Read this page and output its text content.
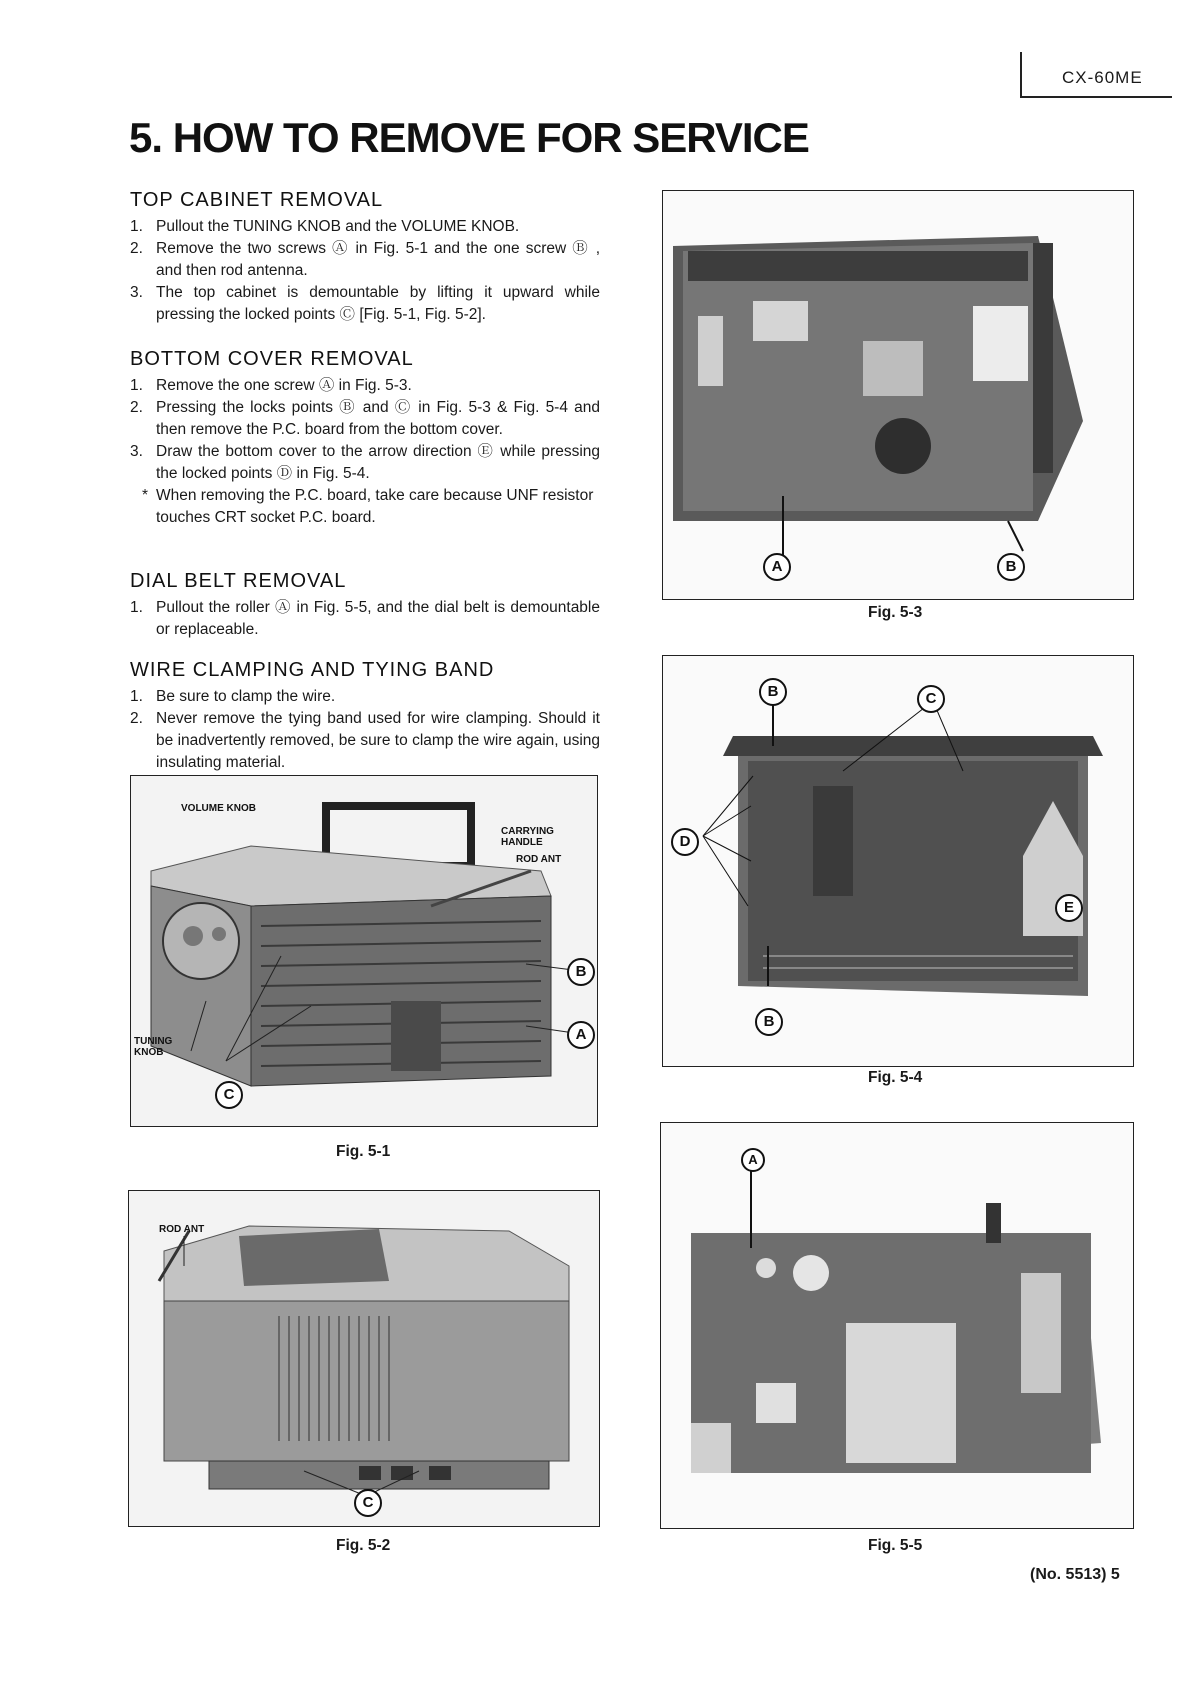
CX-60ME
5. HOW TO REMOVE FOR SERVICE
TOP CABINET REMOVAL
1. Pullout the TUNING KNOB and the VOLUME KNOB.
2. Remove the two screws Ⓐ in Fig. 5-1 and the one screw Ⓑ , and then rod antenna.
3. The top cabinet is demountable by lifting it upward while pressing the locked points Ⓒ [Fig. 5-1, Fig. 5-2].
BOTTOM COVER REMOVAL
1. Remove the one screw Ⓐ in Fig. 5-3.
2. Pressing the locks points Ⓑ and Ⓒ in Fig. 5-3 & Fig. 5-4 and then remove the P.C. board from the bottom cover.
3. Draw the bottom cover to the arrow direction Ⓔ while pressing the locked points Ⓓ in Fig. 5-4.
* When removing the P.C. board, take care because UNF resistor touches CRT socket P.C. board.
DIAL BELT REMOVAL
1. Pullout the roller Ⓐ in Fig. 5-5, and the dial belt is demountable or replaceable.
WIRE CLAMPING AND TYING BAND
1. Be sure to clamp the wire.
2. Never remove the tying band used for wire clamping. Should it be inadvertently removed, be sure to clamp the wire again, using insulating material.
VOLUME KNOB
CARRYING HANDLE
ROD ANT
TUNING KNOB
B
A
C
Fig. 5-1
ROD ANT
C
Fig. 5-2
A	B
Fig. 5-3
B	C
D
E
B
Fig. 5-4
A
Fig. 5-5
(No. 5513) 5
